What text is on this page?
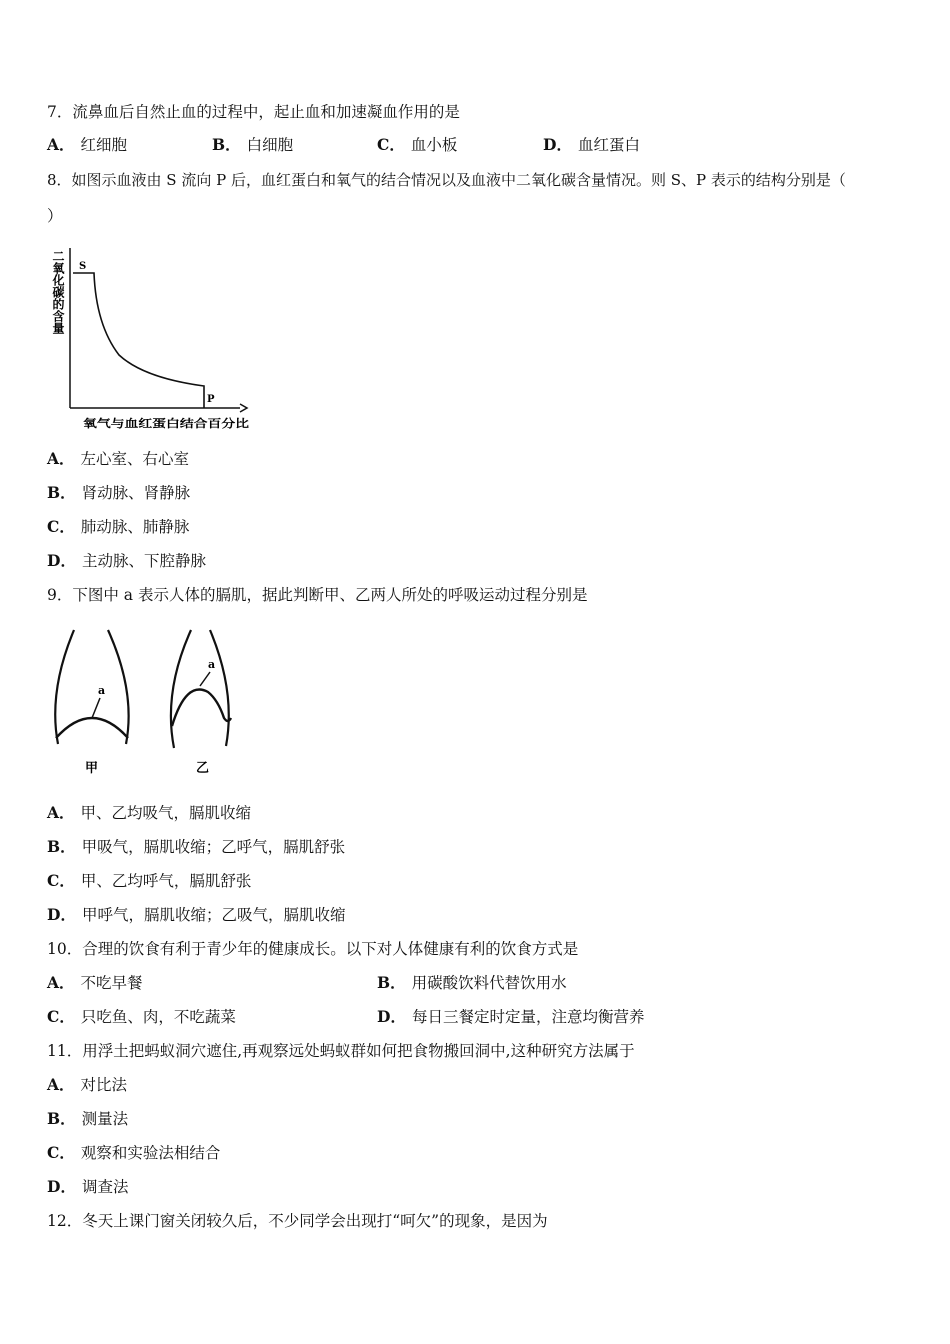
7．流鼻血后自然止血的过程中，起止血和加速凝血作用的是
A． 红细胞	B． 白细胞	C． 血小板	D． 血红蛋白
8．如图示血液由 S 流向 P 后，血红蛋白和氧气的结合情况以及血液中二氧化碳含量情况。则 S、P 表示的结构分别是（
）
二氧化碳的含量 S
P
氧气与血红蛋白结合百分比
A． 左心室、右心室
B． 肾动脉、肾静脉
C． 肺动脉、肺静脉
D． 主动脉、下腔静脉
9．下图中 a 表示人体的膈肌，据此判断甲、乙两人所处的呼吸运动过程分别是
a
甲
a
乙
A． 甲、乙均吸气，膈肌收缩
B． 甲吸气，膈肌收缩；乙呼气，膈肌舒张
C． 甲、乙均呼气，膈肌舒张
D． 甲呼气，膈肌收缩；乙吸气，膈肌收缩
10．合理的饮食有利于青少年的健康成长。以下对人体健康有利的饮食方式是
A． 不吃早餐	B． 用碳酸饮料代替饮用水
C． 只吃鱼、肉，不吃蔬菜	D． 每日三餐定时定量，注意均衡营养
11．用浮土把蚂蚁洞穴遮住,再观察远处蚂蚁群如何把食物搬回洞中,这种研究方法属于
A． 对比法
B． 测量法
C． 观察和实验法相结合
D． 调查法
12．冬天上课门窗关闭较久后，不少同学会出现打“呵欠”的现象，是因为
